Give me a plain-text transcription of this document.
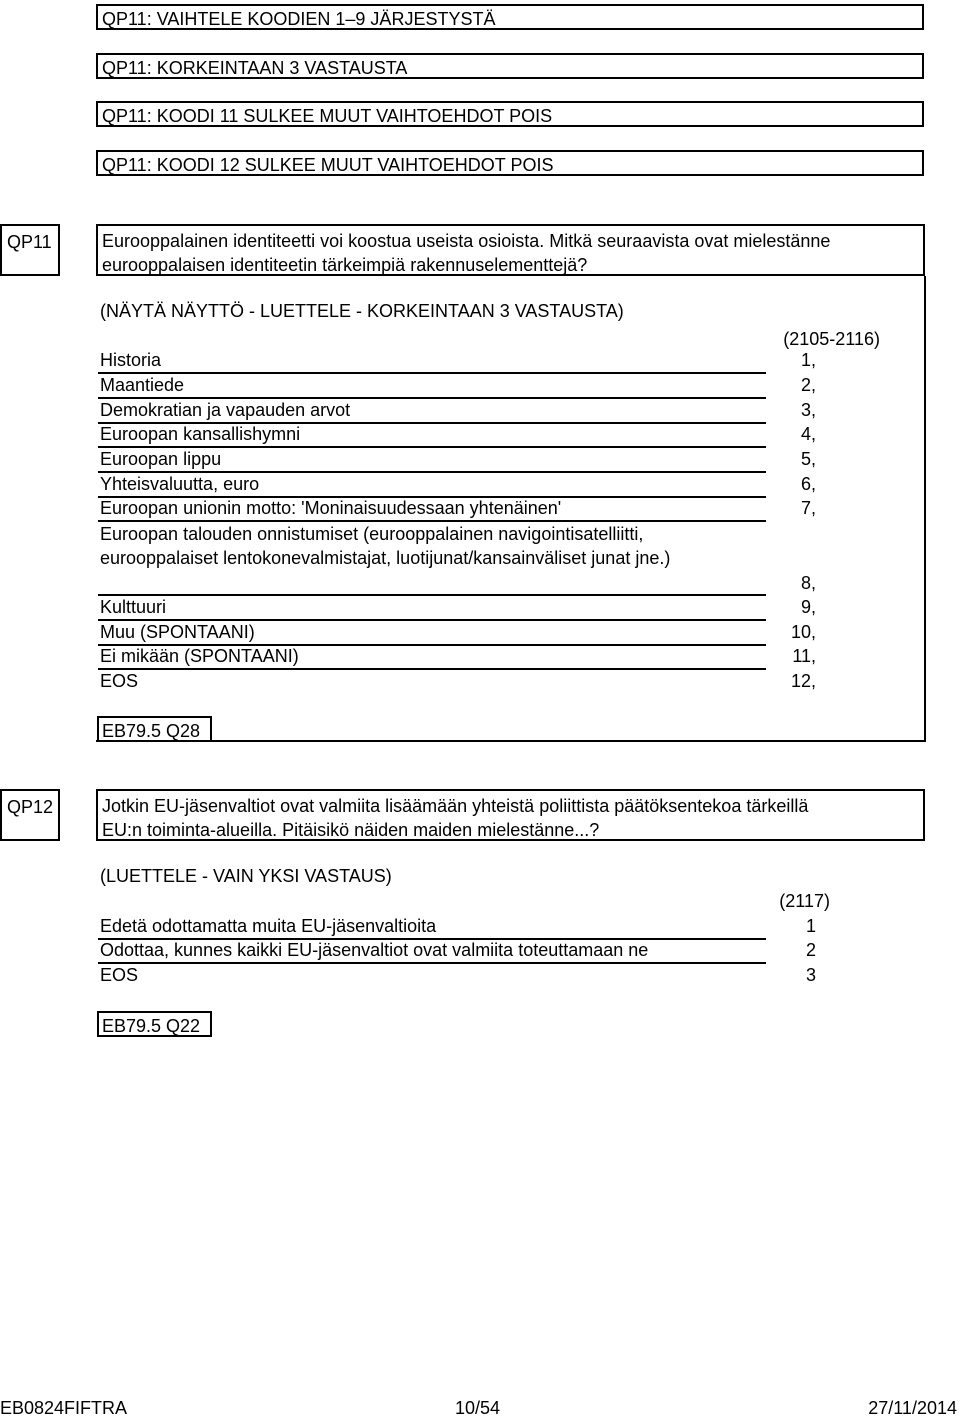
QP11: VAIHTELE KOODIEN 1–9 JÄRJESTYSTÄ
QP11: KORKEINTAAN 3 VASTAUSTA
QP11: KOODI 11 SULKEE MUUT VAIHTOEHDOT POIS
QP11: KOODI 12 SULKEE MUUT VAIHTOEHDOT POIS
QP11	Eurooppalainen identiteetti voi koostua useista osioista. Mitkä seuraavista ovat mielestänne
eurooppalaisen identiteetin tärkeimpiä rakennuselementtejä?
(NÄYTÄ NÄYTTÖ - LUETTELE - KORKEINTAAN 3 VASTAUSTA)
(2105-2116)
Historia	1,
Maantiede	2,
Demokratian ja vapauden arvot	3,
Euroopan kansallishymni	4,
Euroopan lippu	5,
Yhteisvaluutta, euro	6,
Euroopan unionin motto: 'Moninaisuudessaan yhtenäinen'	7,
Euroopan talouden onnistumiset (eurooppalainen navigointisatelliitti,
eurooppalaiset lentokonevalmistajat, luotijunat/kansainväliset junat jne.)
8,
Kulttuuri	9,
Muu (SPONTAANI)	10,
Ei mikään (SPONTAANI)	11,
EOS	12,
EB79.5 Q28
QP12	Jotkin EU-jäsenvaltiot ovat valmiita lisäämään yhteistä poliittista päätöksentekoa tärkeillä
EU:n toiminta-alueilla. Pitäisikö näiden maiden mielestänne...?
(LUETTELE - VAIN YKSI VASTAUS)
(2117)
Edetä odottamatta muita EU-jäsenvaltioita	1
Odottaa, kunnes kaikki EU-jäsenvaltiot ovat valmiita toteuttamaan ne	2
EOS	3
EB79.5 Q22
EB0824FIFTRA	10/54	27/11/2014
